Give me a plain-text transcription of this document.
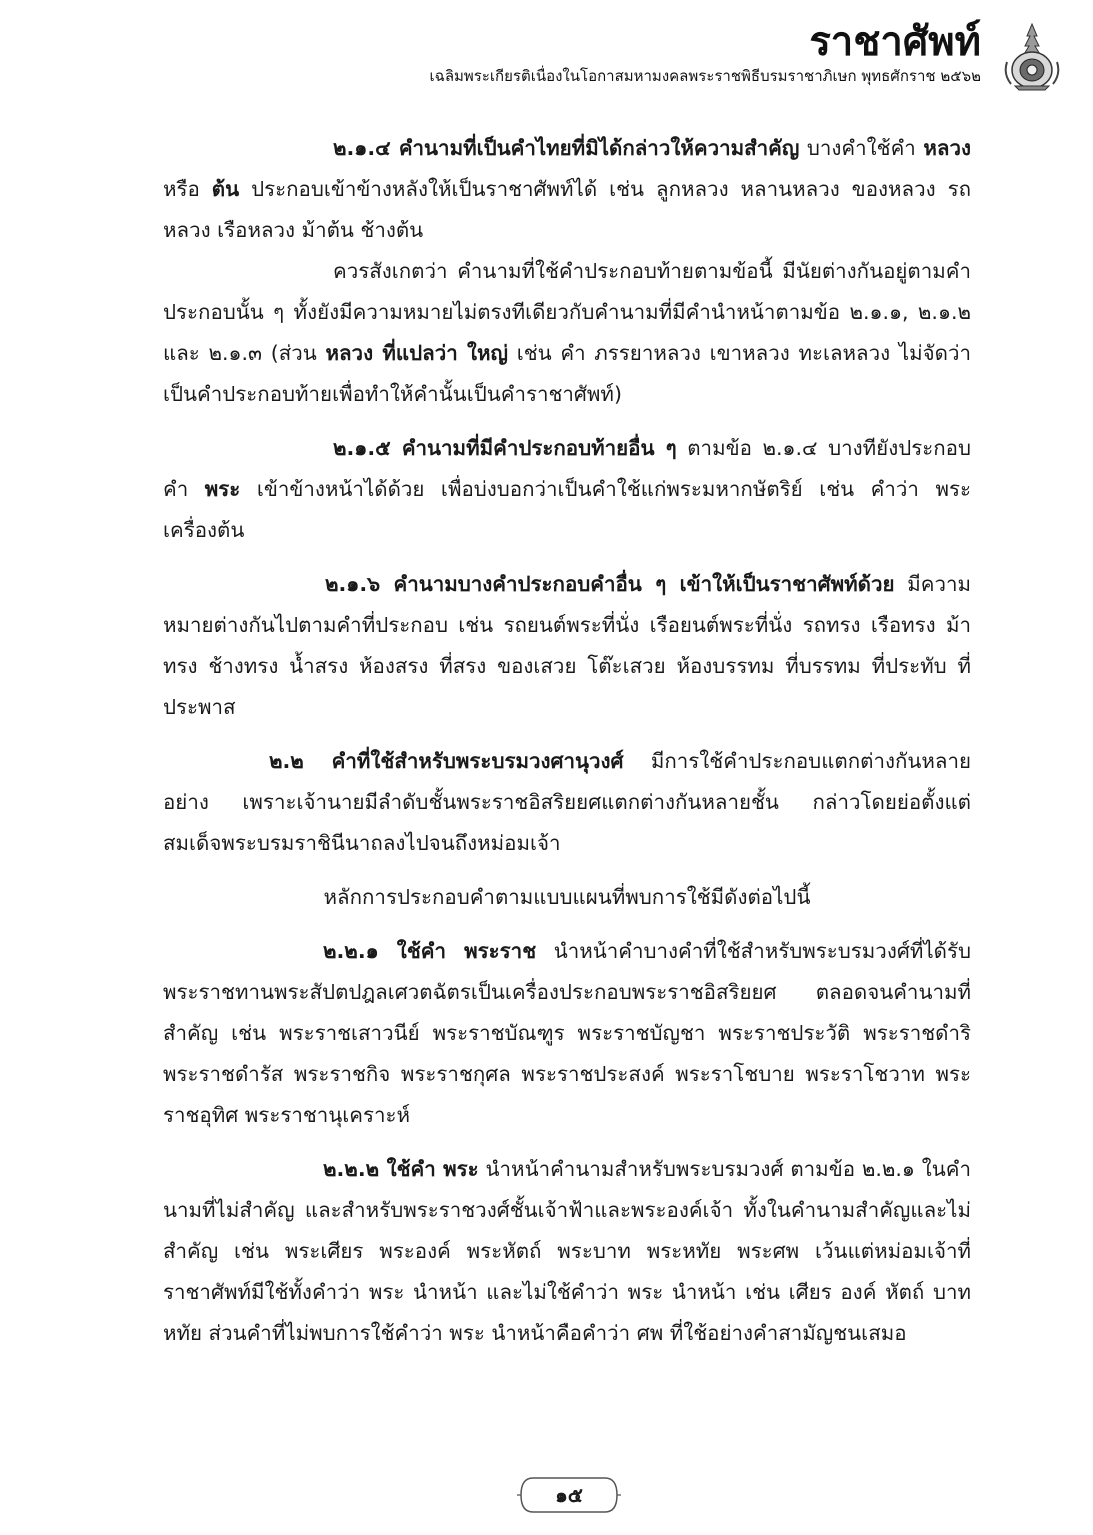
ราชาศัพท์
เฉลิมพระเกียรติเนื่องในโอกาสมหามงคลพระราชพิธีบรมราชาภิเษก พุทธศักราช ๒๕๖๒

๒.๑.๔ คำนามที่เป็นคำไทยที่มิได้กล่าวให้ความสำคัญ บางคำใช้คำ หลวง หรือ ต้น ประกอบเข้าข้างหลังให้เป็นราชาศัพท์ได้ เช่น ลูกหลวง หลานหลวง ของหลวง รถหลวง เรือหลวง ม้าต้น ช้างต้น

ควรสังเกตว่า คำนามที่ใช้คำประกอบท้ายตามข้อนี้ มีนัยต่างกันอยู่ตามคำประกอบนั้น ๆ ทั้งยังมีความหมายไม่ตรงทีเดียวกับคำนามที่มีคำนำหน้าตามข้อ ๒.๑.๑, ๒.๑.๒ และ ๒.๑.๓ (ส่วน หลวง ที่แปลว่า ใหญ่ เช่น คำ ภรรยาหลวง เขาหลวง ทะเลหลวง ไม่จัดว่าเป็นคำประกอบท้ายเพื่อทำให้คำนั้นเป็นคำราชาศัพท์)

๒.๑.๕ คำนามที่มีคำประกอบท้ายอื่น ๆ ตามข้อ ๒.๑.๔ บางทียังประกอบคำ พระ เข้าข้างหน้าได้ด้วย เพื่อบ่งบอกว่าเป็นคำใช้แก่พระมหากษัตริย์ เช่น คำว่า พระเครื่องต้น

๒.๑.๖ คำนามบางคำประกอบคำอื่น ๆ เข้าให้เป็นราชาศัพท์ด้วย มีความหมายต่างกันไปตามคำที่ประกอบ เช่น รถยนต์พระที่นั่ง เรือยนต์พระที่นั่ง รถทรง เรือทรง ม้าทรง ช้างทรง น้ำสรง ห้องสรง ที่สรง ของเสวย โต๊ะเสวย ห้องบรรทม ที่บรรทม ที่ประทับ ที่ประพาส

๒.๒ คำที่ใช้สำหรับพระบรมวงศานุวงศ์ มีการใช้คำประกอบแตกต่างกันหลายอย่าง เพราะเจ้านายมีลำดับชั้นพระราชอิสริยยศแตกต่างกันหลายชั้น กล่าวโดยย่อตั้งแต่สมเด็จพระบรมราชินีนาถลงไปจนถึงหม่อมเจ้า

หลักการประกอบคำตามแบบแผนที่พบการใช้มีดังต่อไปนี้

๒.๒.๑ ใช้คำ พระราช นำหน้าคำบางคำที่ใช้สำหรับพระบรมวงศ์ที่ได้รับพระราชทานพระสัปตปฎลเศวตฉัตรเป็นเครื่องประกอบพระราชอิสริยยศ ตลอดจนคำนามที่สำคัญ เช่น พระราชเสาวนีย์ พระราชบัณฑูร พระราชบัญชา พระราชประวัติ พระราชดำริ พระราชดำรัส พระราชกิจ พระราชกุศล พระราชประสงค์ พระราโชบาย พระราโชวาท พระราชอุทิศ พระราชานุเคราะห์

๒.๒.๒ ใช้คำ พระ นำหน้าคำนามสำหรับพระบรมวงศ์ ตามข้อ ๒.๒.๑ ในคำนามที่ไม่สำคัญ และสำหรับพระราชวงศ์ชั้นเจ้าฟ้าและพระองค์เจ้า ทั้งในคำนามสำคัญและไม่สำคัญ เช่น พระเศียร พระองค์ พระหัตถ์ พระบาท พระหทัย พระศพ เว้นแต่หม่อมเจ้าที่ราชาศัพท์มีใช้ทั้งคำว่า พระ นำหน้า และไม่ใช้คำว่า พระ นำหน้า เช่น เศียร องค์ หัตถ์ บาท หทัย ส่วนคำที่ไม่พบการใช้คำว่า พระ นำหน้าคือคำว่า ศพ ที่ใช้อย่างคำสามัญชนเสมอ

๑๕
